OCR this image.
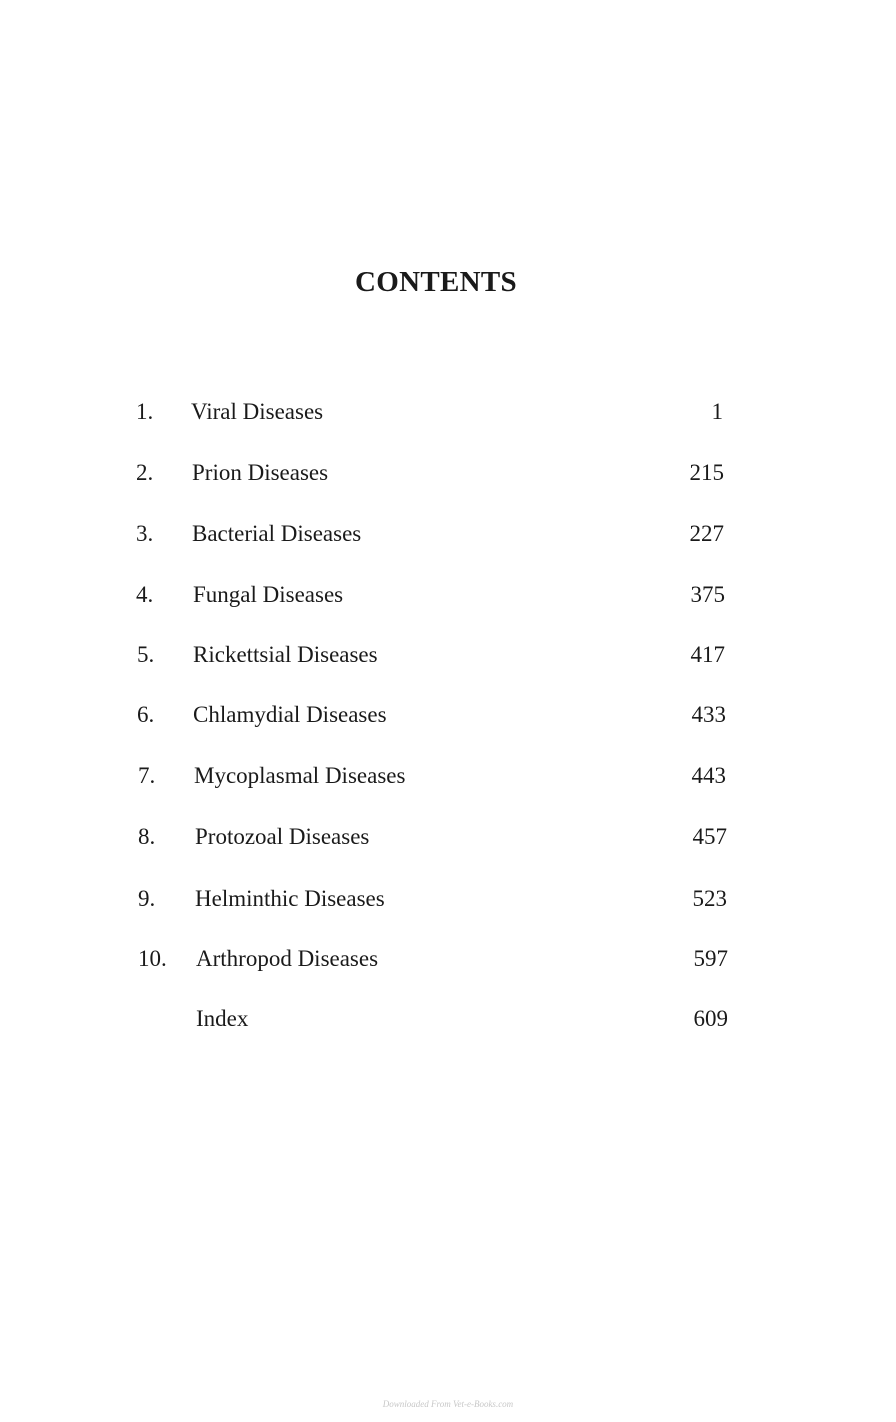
CONTENTS
1.	Viral Diseases	1
2.	Prion Diseases	215
3.	Bacterial Diseases	227
4.	Fungal Diseases	375
5.	Rickettsial Diseases	417
6.	Chlamydial Diseases	433
7.	Mycoplasmal Diseases	443
8.	Protozoal Diseases	457
9.	Helminthic Diseases	523
10.	Arthropod Diseases	597
Index	609

Downloaded From Vet-e-Books.com
